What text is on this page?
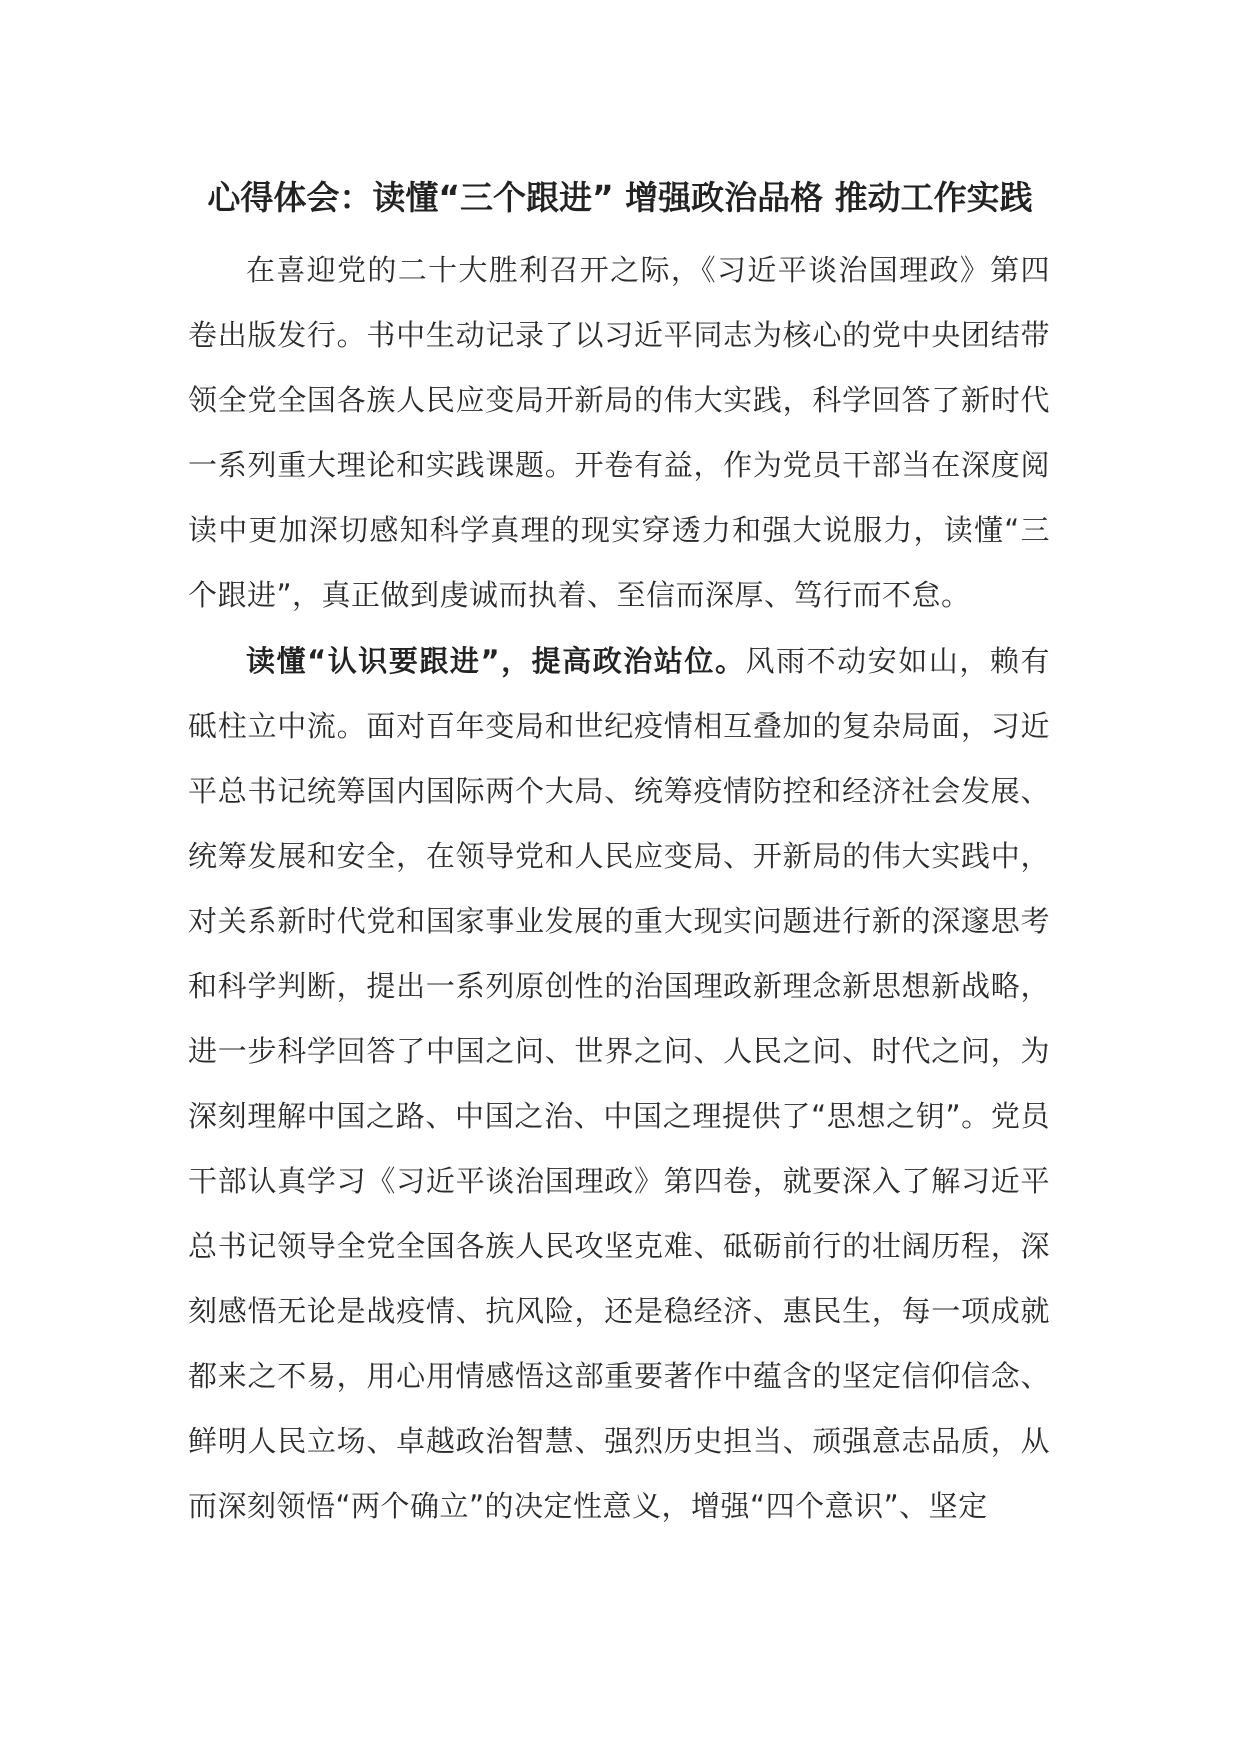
心得体会：读懂“三个跟进” 增强政治品格 推动工作实践

在喜迎党的二十大胜利召开之际，《习近平谈治国理政》第四卷出版发行。书中生动记录了以习近平同志为核心的党中央团结带领全党全国各族人民应变局开新局的伟大实践，科学回答了新时代一系列重大理论和实践课题。开卷有益，作为党员干部当在深度阅读中更加深切感知科学真理的现实穿透力和强大说服力，读懂“三个跟进”，真正做到虔诚而执着、至信而深厚、笃行而不怠。

读懂“认识要跟进”，提高政治站位。风雨不动安如山，赖有砥柱立中流。面对百年变局和世纪疫情相互叠加的复杂局面，习近平总书记统筹国内国际两个大局、统筹疫情防控和经济社会发展、统筹发展和安全，在领导党和人民应变局、开新局的伟大实践中，对关系新时代党和国家事业发展的重大现实问题进行新的深邃思考和科学判断，提出一系列原创性的治国理政新理念新思想新战略，进一步科学回答了中国之问、世界之问、人民之问、时代之问，为深刻理解中国之路、中国之治、中国之理提供了“思想之钥”。党员干部认真学习《习近平谈治国理政》第四卷，就要深入了解习近平总书记领导全党全国各族人民攻坚克难、砥砺前行的壮阔历程，深刻感悟无论是战疫情、抗风险，还是稳经济、惠民生，每一项成就都来之不易，用心用情感悟这部重要著作中蕴含的坚定信仰信念、鲜明人民立场、卓越政治智慧、强烈历史担当、顽强意志品质，从而深刻领悟“两个确立”的决定性意义，增强“四个意识”、坚定
